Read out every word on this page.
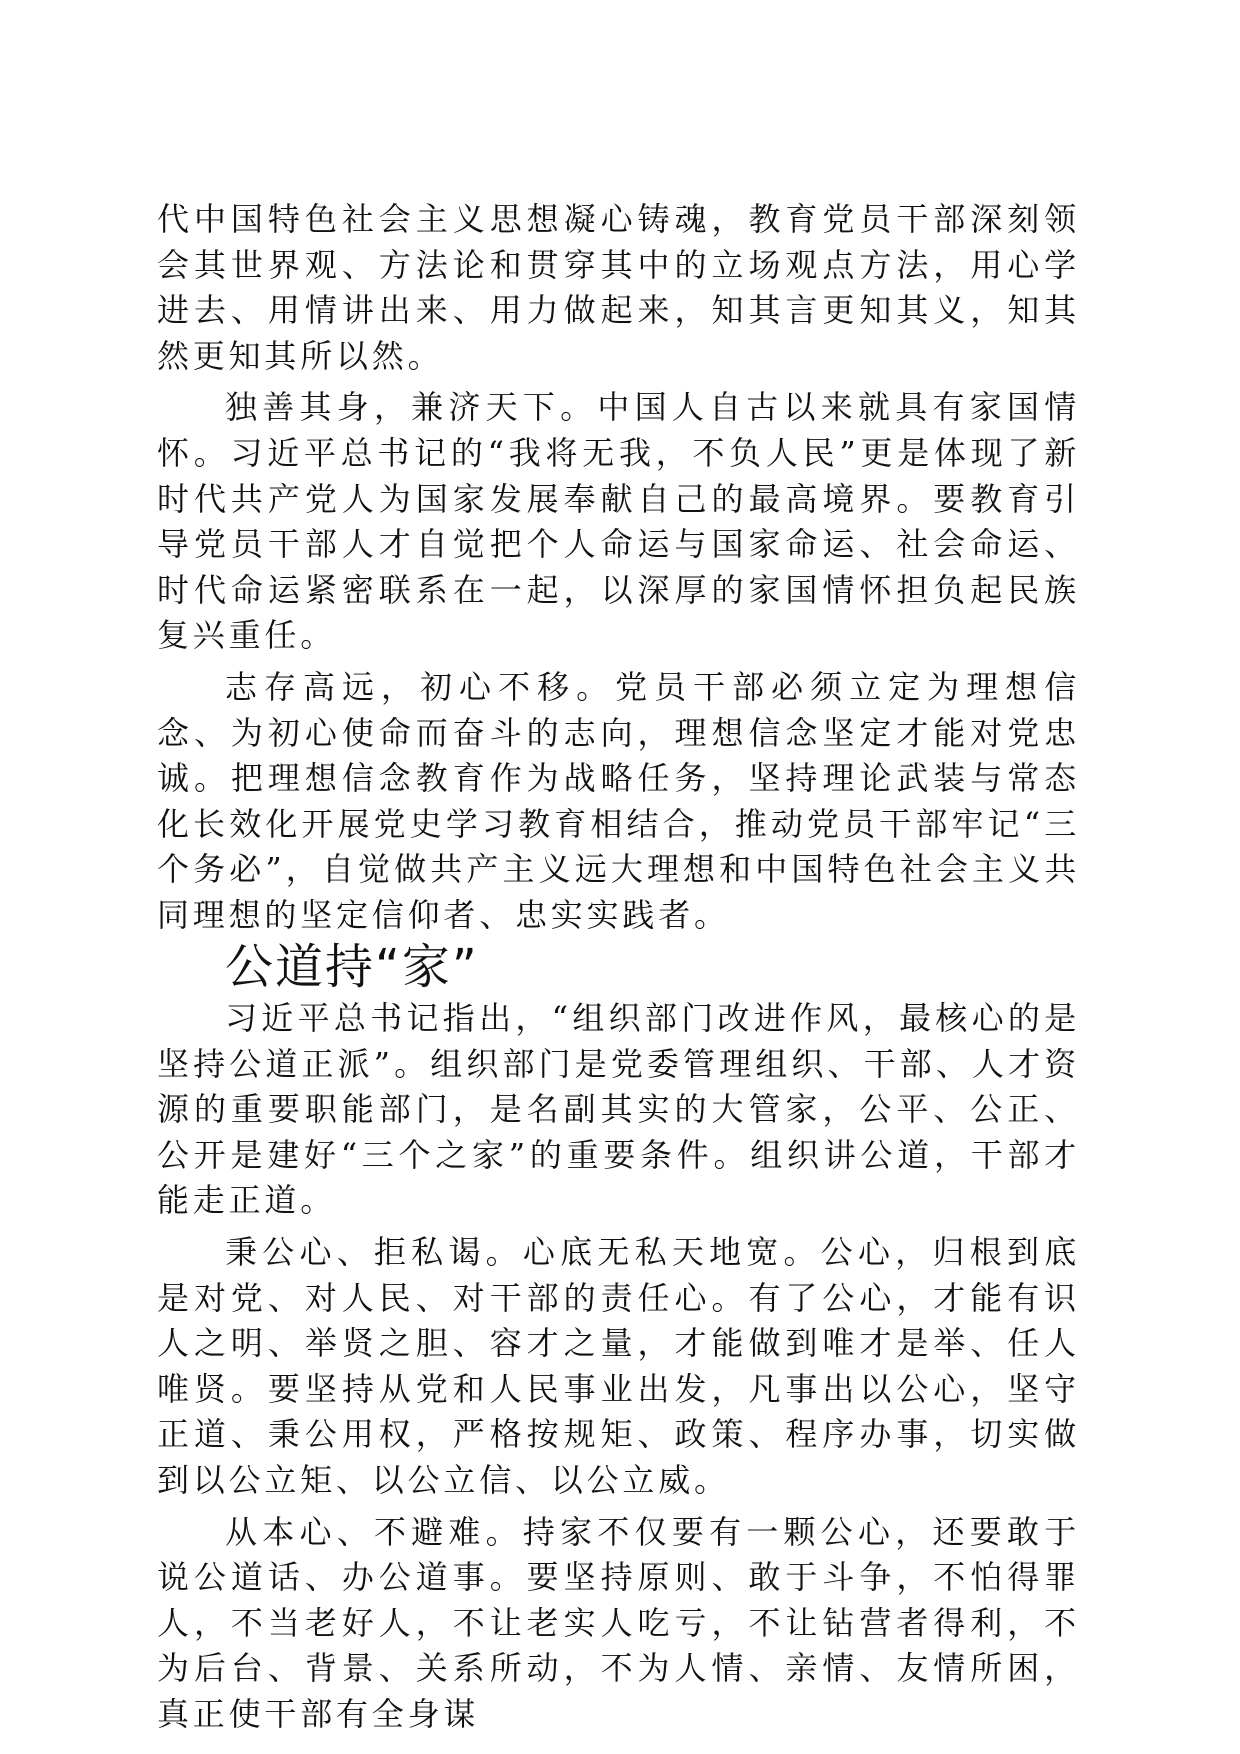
代中国特色社会主义思想凝心铸魂，教育党员干部深刻领会其世界观、方法论和贯穿其中的立场观点方法，用心学进去、用情讲出来、用力做起来，知其言更知其义，知其然更知其所以然。

独善其身，兼济天下。中国人自古以来就具有家国情怀。习近平总书记的“我将无我，不负人民”更是体现了新时代共产党人为国家发展奉献自己的最高境界。要教育引导党员干部人才自觉把个人命运与国家命运、社会命运、时代命运紧密联系在一起，以深厚的家国情怀担负起民族复兴重任。

志存高远，初心不移。党员干部必须立定为理想信念、为初心使命而奋斗的志向，理想信念坚定才能对党忠诚。把理想信念教育作为战略任务，坚持理论武装与常态化长效化开展党史学习教育相结合，推动党员干部牢记“三个务必”，自觉做共产主义远大理想和中国特色社会主义共同理想的坚定信仰者、忠实实践者。

公道持“家”

习近平总书记指出，“组织部门改进作风，最核心的是坚持公道正派”。组织部门是党委管理组织、干部、人才资源的重要职能部门，是名副其实的大管家，公平、公正、公开是建好“三个之家”的重要条件。组织讲公道，干部才能走正道。

秉公心、拒私谒。心底无私天地宽。公心，归根到底是对党、对人民、对干部的责任心。有了公心，才能有识人之明、举贤之胆、容才之量，才能做到唯才是举、任人唯贤。要坚持从党和人民事业出发，凡事出以公心，坚守正道、秉公用权，严格按规矩、政策、程序办事，切实做到以公立矩、以公立信、以公立威。

从本心、不避难。持家不仅要有一颗公心，还要敢于说公道话、办公道事。要坚持原则、敢于斗争，不怕得罪人，不当老好人，不让老实人吃亏，不让钻营者得利，不为后台、背景、关系所动，不为人情、亲情、友情所困，真正使干部有全身谋
